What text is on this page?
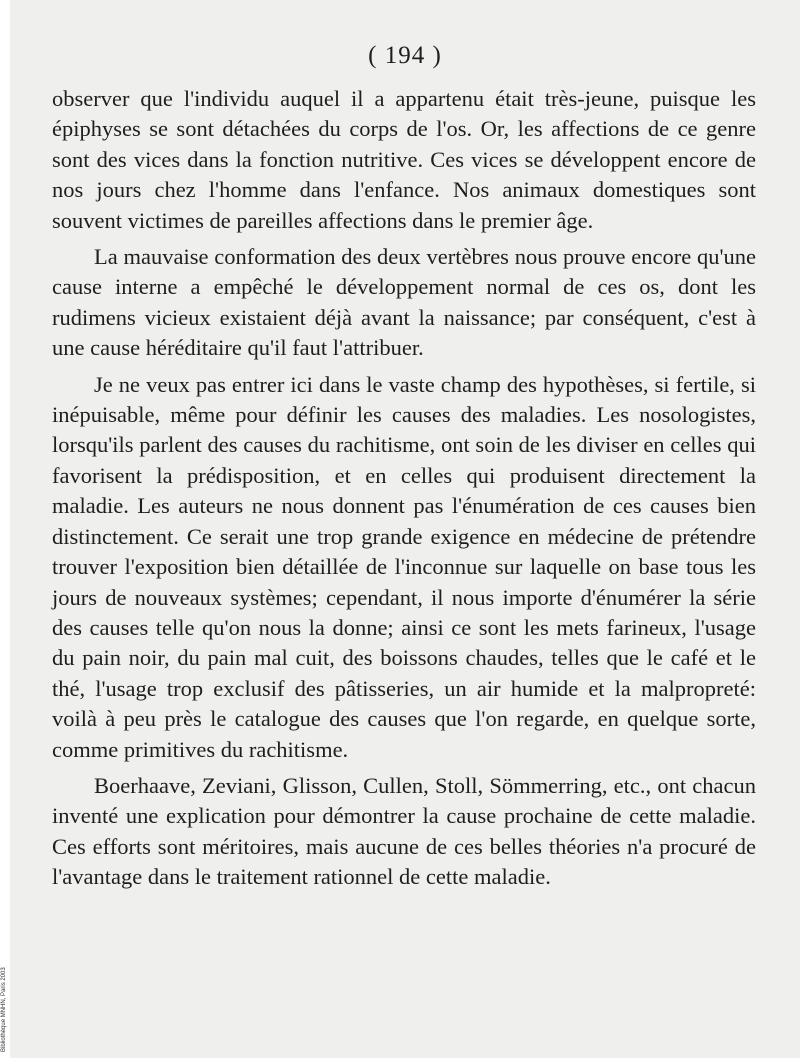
Bibliothèque MNHN, Paris 2003
( 194 )

observer que l'individu auquel il a appartenu était très-jeune, puisque les épiphyses se sont détachées du corps de l'os. Or, les affections de ce genre sont des vices dans la fonction nutritive. Ces vices se développent encore de nos jours chez l'homme dans l'enfance. Nos animaux domestiques sont souvent victimes de pareilles affections dans le premier âge.

La mauvaise conformation des deux vertèbres nous prouve encore qu'une cause interne a empêché le développement normal de ces os, dont les rudimens vicieux existaient déjà avant la naissance; par conséquent, c'est à une cause héréditaire qu'il faut l'attribuer.

Je ne veux pas entrer ici dans le vaste champ des hypothèses, si fertile, si inépuisable, même pour définir les causes des maladies. Les nosologistes, lorsqu'ils parlent des causes du rachitisme, ont soin de les diviser en celles qui favorisent la prédisposition, et en celles qui produisent directement la maladie. Les auteurs ne nous donnent pas l'énumération de ces causes bien distinctement. Ce serait une trop grande exigence en médecine de prétendre trouver l'exposition bien détaillée de l'inconnue sur laquelle on base tous les jours de nouveaux systèmes; cependant, il nous importe d'énumérer la série des causes telle qu'on nous la donne; ainsi ce sont les mets farineux, l'usage du pain noir, du pain mal cuit, des boissons chaudes, telles que le café et le thé, l'usage trop exclusif des pâtisseries, un air humide et la malpropreté: voilà à peu près le catalogue des causes que l'on regarde, en quelque sorte, comme primitives du rachitisme.

Boerhaave, Zeviani, Glisson, Cullen, Stoll, Sömmerring, etc., ont chacun inventé une explication pour démontrer la cause prochaine de cette maladie. Ces efforts sont méritoires, mais aucune de ces belles théories n'a procuré de l'avantage dans le traitement rationnel de cette maladie.
